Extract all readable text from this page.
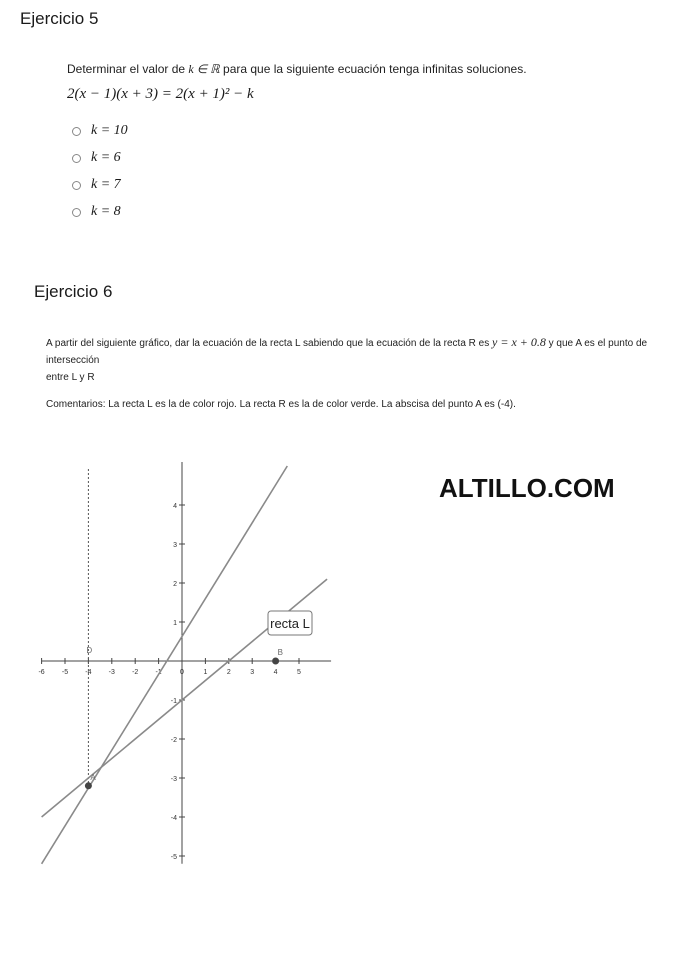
Ejercicio 5
Determinar el valor de k ∈ ℝ para que la siguiente ecuación tenga infinitas soluciones.
2(x − 1)(x + 3) = 2(x + 1)² − k
k = 10
k = 6
k = 7
k = 8
Ejercicio 6
A partir del siguiente gráfico, dar la ecuación de la recta L sabiendo que la ecuación de la recta R es y = x + 0.8 y que A es el punto de intersección
entre L y R
Comentarios: La recta L es la de color rojo. La recta R es la de color verde. La abscisa del punto A es (-4).
ALTILLO.COM
-6 -5 -4 -3 -2 -1	0	1	2	3	4	5
-5
-4
-3
-2
-1
1
2
3
4
A
B
D
recta L
